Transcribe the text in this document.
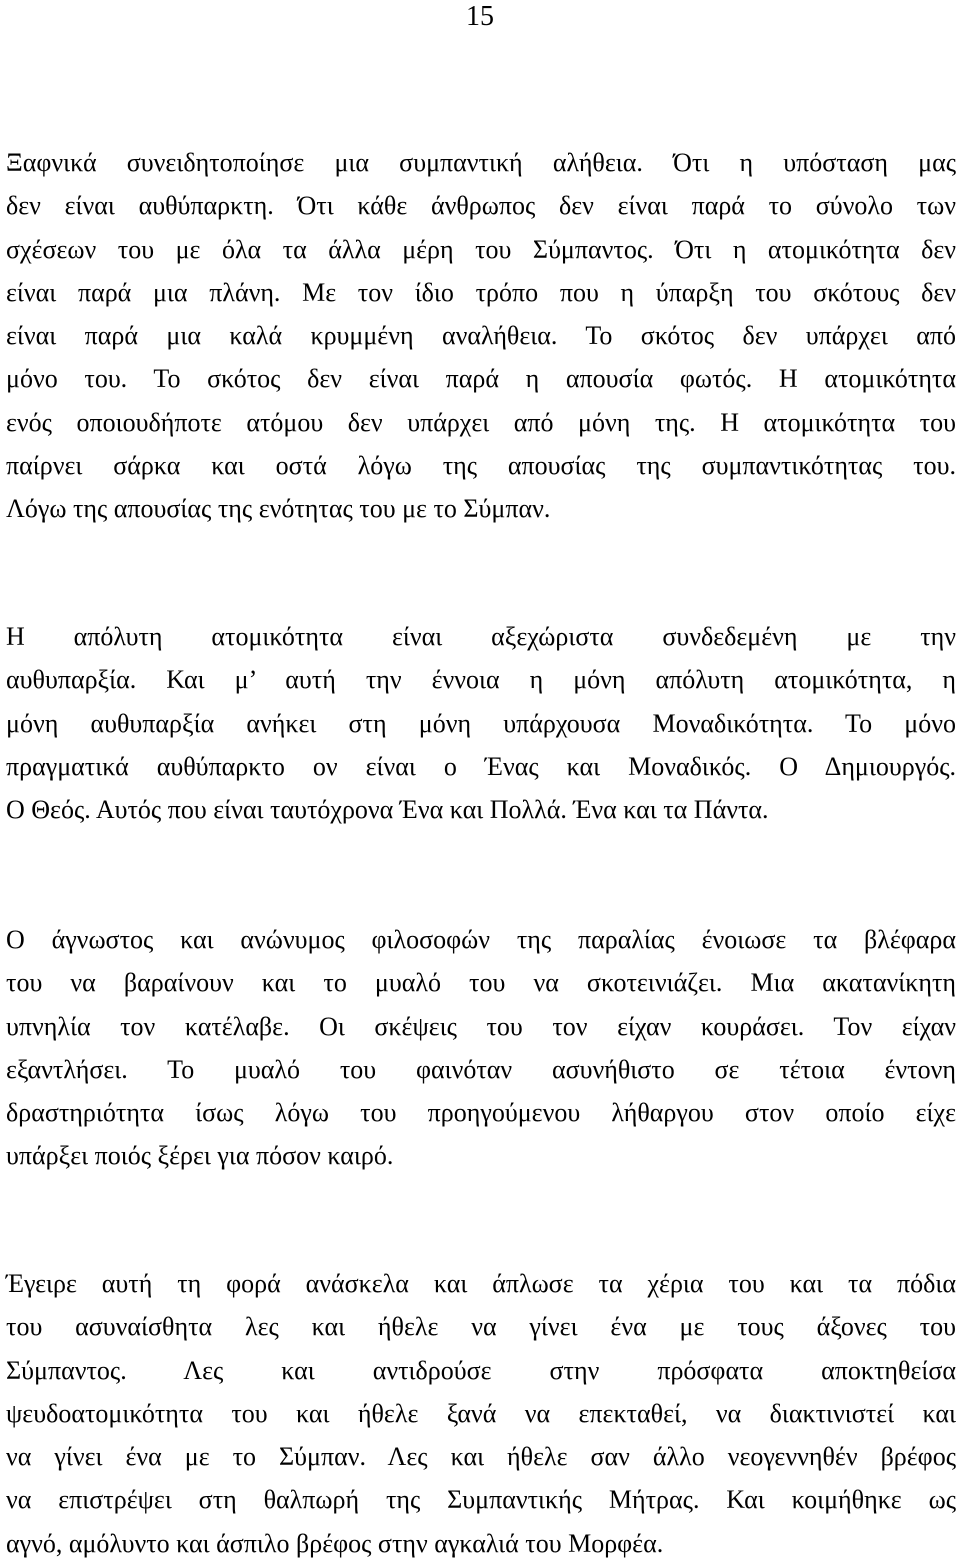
15
Ξαφνικά συνειδητοποίησε μια συμπαντική αλήθεια. Ότι η υπόσταση μας
δεν είναι αυθύπαρκτη. Ότι κάθε άνθρωπος δεν είναι παρά το σύνολο των
σχέσεων του με όλα τα άλλα μέρη του Σύμπαντος. Ότι η ατομικότητα δεν
είναι παρά μια πλάνη. Με τον ίδιο τρόπο που η ύπαρξη του σκότους δεν
είναι παρά μια καλά κρυμμένη αναλήθεια. Το σκότος δεν υπάρχει από
μόνο του. Το σκότος δεν είναι παρά η απουσία φωτός. Η ατομικότητα
ενός οποιουδήποτε ατόμου δεν υπάρχει από μόνη της. Η ατομικότητα του
παίρνει σάρκα και οστά λόγω της απουσίας της συμπαντικότητας του.
Λόγω της απουσίας της ενότητας του με το Σύμπαν.
Η απόλυτη ατομικότητα είναι αξεχώριστα συνδεδεμένη με την
αυθυπαρξία. Και μ’ αυτή την έννοια η μόνη απόλυτη ατομικότητα, η
μόνη αυθυπαρξία ανήκει στη μόνη υπάρχουσα Μοναδικότητα. Το μόνο
πραγματικά αυθύπαρκτο ον είναι ο Ένας και Μοναδικός. Ο Δημιουργός.
Ο Θεός. Αυτός που είναι ταυτόχρονα Ένα και Πολλά. Ένα και τα Πάντα.
Ο άγνωστος και ανώνυμος φιλοσοφών της παραλίας ένοιωσε τα βλέφαρα
του να βαραίνουν και το μυαλό του να σκοτεινιάζει. Μια ακατανίκητη
υπνηλία τον κατέλαβε. Οι σκέψεις του τον είχαν κουράσει. Τον είχαν
εξαντλήσει. Το μυαλό του φαινόταν ασυνήθιστο σε τέτοια έντονη
δραστηριότητα ίσως λόγω του προηγούμενου λήθαργου στον οποίο είχε
υπάρξει ποιός ξέρει για πόσον καιρό.
Έγειρε αυτή τη φορά ανάσκελα και άπλωσε τα χέρια του και τα πόδια
του ασυναίσθητα λες και ήθελε να γίνει ένα με τους άξονες του
Σύμπαντος. Λες και αντιδρούσε στην πρόσφατα αποκτηθείσα
ψευδοατομικότητα του και ήθελε ξανά να επεκταθεί, να διακτινιστεί και
να γίνει ένα με το Σύμπαν. Λες και ήθελε σαν άλλο νεογεννηθέν βρέφος
να επιστρέψει στη θαλπωρή της Συμπαντικής Μήτρας. Και κοιμήθηκε ως
αγνό, αμόλυντο και άσπιλο βρέφος στην αγκαλιά του Μορφέα.
